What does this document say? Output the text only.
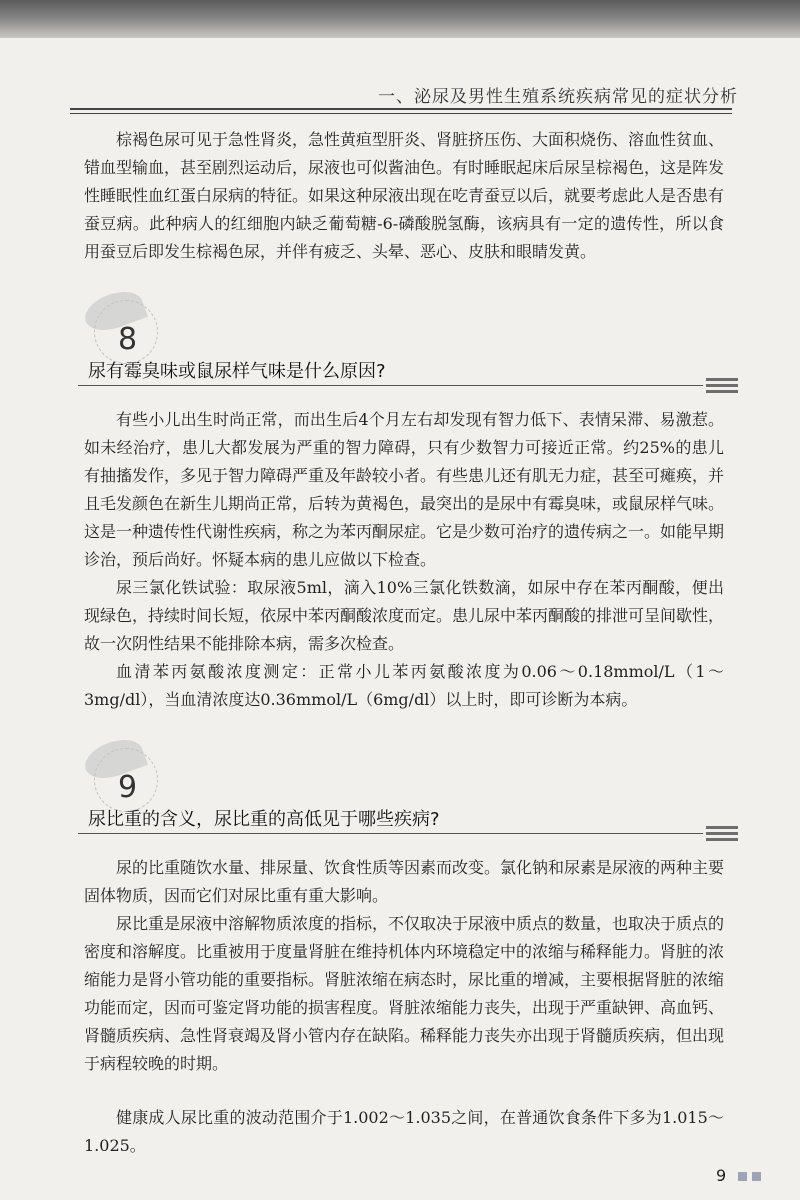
一、泌尿及男性生殖系统疾病常见的症状分析

棕褐色尿可见于急性肾炎，急性黄疸型肝炎、肾脏挤压伤、大面积烧伤、溶血性贫血、错血型输血，甚至剧烈运动后，尿液也可似酱油色。有时睡眠起床后尿呈棕褐色，这是阵发性睡眠性血红蛋白尿病的特征。如果这种尿液出现在吃青蚕豆以后，就要考虑此人是否患有蚕豆病。此种病人的红细胞内缺乏葡萄糖-6-磷酸脱氢酶，该病具有一定的遗传性，所以食用蚕豆后即发生棕褐色尿，并伴有疲乏、头晕、恶心、皮肤和眼睛发黄。

8
尿有霉臭味或鼠尿样气味是什么原因?

有些小儿出生时尚正常，而出生后4个月左右却发现有智力低下、表情呆滞、易激惹。如未经治疗，患儿大都发展为严重的智力障碍，只有少数智力可接近正常。约25%的患儿有抽搐发作，多见于智力障碍严重及年龄较小者。有些患儿还有肌无力症，甚至可瘫痪，并且毛发颜色在新生儿期尚正常，后转为黄褐色，最突出的是尿中有霉臭味，或鼠尿样气味。这是一种遗传性代谢性疾病，称之为苯丙酮尿症。它是少数可治疗的遗传病之一。如能早期诊治，预后尚好。怀疑本病的患儿应做以下检查。

尿三氯化铁试验：取尿液5ml，滴入10%三氯化铁数滴，如尿中存在苯丙酮酸，便出现绿色，持续时间长短，依尿中苯丙酮酸浓度而定。患儿尿中苯丙酮酸的排泄可呈间歇性，故一次阴性结果不能排除本病，需多次检查。

血清苯丙氨酸浓度测定：正常小儿苯丙氨酸浓度为0.06～0.18mmol/L（1～3mg/dl），当血清浓度达0.36mmol/L（6mg/dl）以上时，即可诊断为本病。

9
尿比重的含义，尿比重的高低见于哪些疾病?

尿的比重随饮水量、排尿量、饮食性质等因素而改变。氯化钠和尿素是尿液的两种主要固体物质，因而它们对尿比重有重大影响。

尿比重是尿液中溶解物质浓度的指标，不仅取决于尿液中质点的数量，也取决于质点的密度和溶解度。比重被用于度量肾脏在维持机体内环境稳定中的浓缩与稀释能力。肾脏的浓缩能力是肾小管功能的重要指标。肾脏浓缩在病态时，尿比重的增减，主要根据肾脏的浓缩功能而定，因而可鉴定肾功能的损害程度。肾脏浓缩能力丧失，出现于严重缺钾、高血钙、肾髓质疾病、急性肾衰竭及肾小管内存在缺陷。稀释能力丧失亦出现于肾髓质疾病，但出现于病程较晚的时期。

健康成人尿比重的波动范围介于1.002～1.035之间，在普通饮食条件下多为1.015～1.025。

9
